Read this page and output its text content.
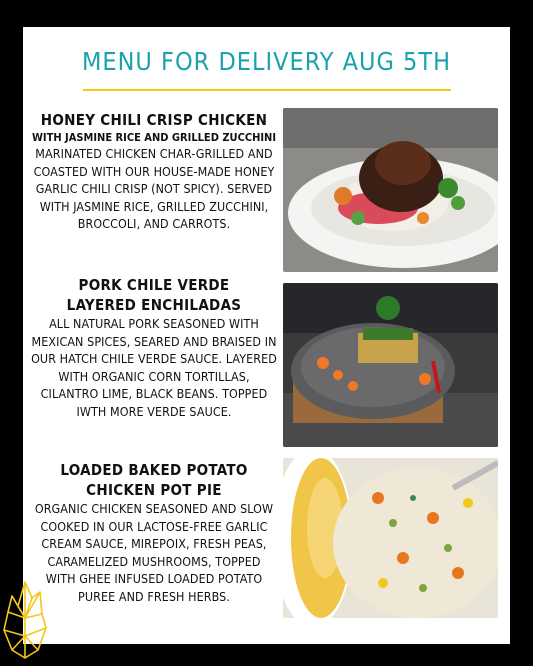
MENU FOR DELIVERY AUG 5TH
HONEY CHILI CRISP CHICKEN
WITH JASMINE RICE AND GRILLED ZUCCHINI

MARINATED CHICKEN CHAR-GRILLED AND COASTED WITH OUR HOUSE-MADE HONEY GARLIC CHILI CRISP (NOT SPICY). SERVED WITH JASMINE RICE, GRILLED ZUCCHINI, BROCCOLI, AND CARROTS.

PORK CHILE VERDE LAYERED ENCHILADAS

ALL NATURAL PORK SEASONED WITH MEXICAN SPICES, SEARED AND BRAISED IN OUR HATCH CHILE VERDE SAUCE. LAYERED WITH ORGANIC CORN TORTILLAS, CILANTRO LIME, BLACK BEANS. TOPPED IWTH MORE VERDE SAUCE.

LOADED BAKED POTATO CHICKEN POT PIE

ORGANIC CHICKEN SEASONED AND SLOW COOKED IN OUR LACTOSE-FREE GARLIC CREAM SAUCE, MIREPOIX, FRESH PEAS, CARAMELIZED MUSHROOMS, TOPPED WITH GHEE INFUSED LOADED POTATO PUREE AND FRESH HERBS.
